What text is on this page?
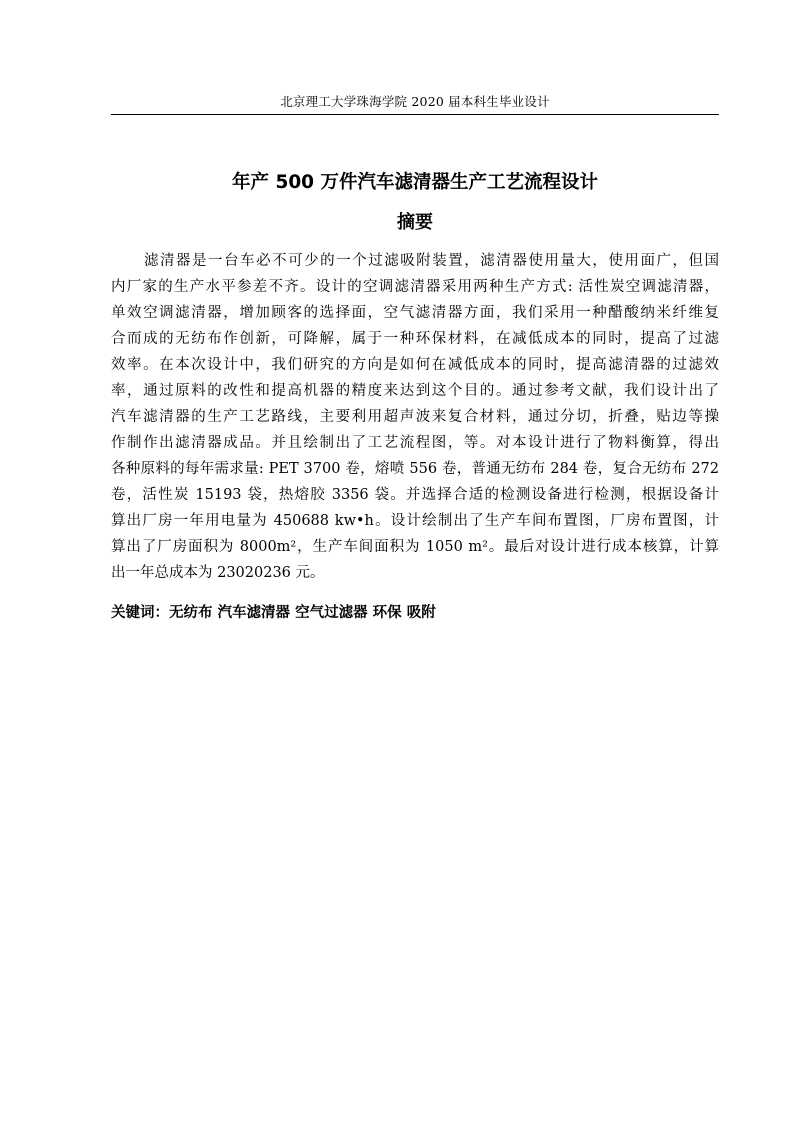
北京理工大学珠海学院 2020 届本科生毕业设计
年产 500 万件汽车滤清器生产工艺流程设计
摘要
滤清器是一台车必不可少的一个过滤吸附装置，滤清器使用量大，使用面广，但国
内厂家的生产水平参差不齐。设计的空调滤清器采用两种生产方式: 活性炭空调滤清器，
单效空调滤清器，增加顾客的选择面，空气滤清器方面，我们采用一种醋酸纳米纤维复
合而成的无纺布作创新，可降解，属于一种环保材料，在减低成本的同时，提高了过滤
效率。在本次设计中，我们研究的方向是如何在减低成本的同时，提高滤清器的过滤效
率，通过原料的改性和提高机器的精度来达到这个目的。通过参考文献，我们设计出了
汽车滤清器的生产工艺路线，主要利用超声波来复合材料，通过分切，折叠，贴边等操
作制作出滤清器成品。并且绘制出了工艺流程图，等。对本设计进行了物料衡算，得出
各种原料的每年需求量: PET 3700 卷，熔喷 556 卷，普通无纺布 284 卷，复合无纺布 272
卷，活性炭 15193 袋，热熔胶 3356 袋。并选择合适的检测设备进行检测，根据设备计
算出厂房一年用电量为 450688 kw•h。设计绘制出了生产车间布置图，厂房布置图，计
算出了厂房面积为 8000m²，生产车间面积为 1050 m²。最后对设计进行成本核算，计算
出一年总成本为 23020236 元。
关键词：无纺布 汽车滤清器 空气过滤器 环保 吸附
